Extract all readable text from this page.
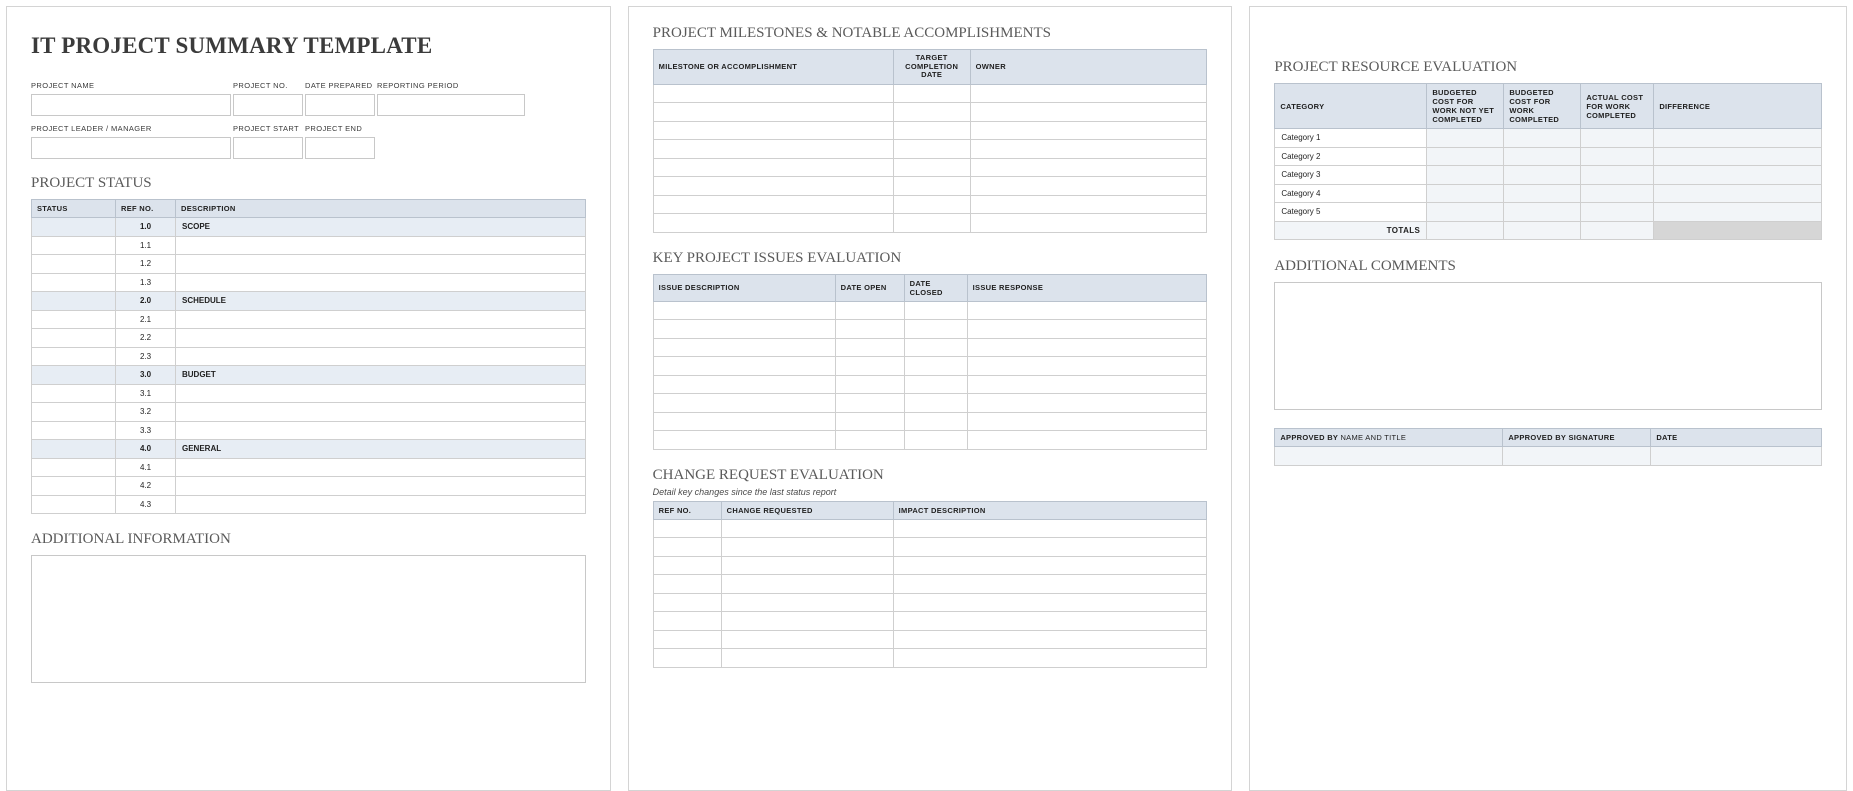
IT PROJECT SUMMARY TEMPLATE
PROJECT NAME	PROJECT NO.	DATE PREPARED REPORTING PERIOD
PROJECT LEADER / MANAGER	PROJECT START PROJECT END
PROJECT STATUS
STATUS	REF NO.	DESCRIPTION
	1.0	SCOPE
	1.1	
	1.2	
	1.3	
	2.0	SCHEDULE
	2.1	
	2.2	
	2.3	
	3.0	BUDGET
	3.1	
	3.2	
	3.3	
	4.0	GENERAL
	4.1	
	4.2	
	4.3	
ADDITIONAL INFORMATION
PROJECT MILESTONES & NOTABLE ACCOMPLISHMENTS
MILESTONE OR ACCOMPLISHMENT	TARGET COMPLETION DATE	OWNER

KEY PROJECT ISSUES EVALUATION
ISSUE DESCRIPTION	DATE OPEN	DATE CLOSED	ISSUE RESPONSE

CHANGE REQUEST EVALUATION
Detail key changes since the last status report
REF NO.	CHANGE REQUESTED	IMPACT DESCRIPTION

PROJECT RESOURCE EVALUATION
CATEGORY	BUDGETED COST FOR WORK NOT YET COMPLETED	BUDGETED COST FOR WORK COMPLETED	ACTUAL COST FOR WORK COMPLETED	DIFFERENCE
Category 1				
Category 2				
Category 3				
Category 4				
Category 5				
TOTALS				
ADDITIONAL COMMENTS
APPROVED BY NAME AND TITLE	APPROVED BY SIGNATURE	DATE
